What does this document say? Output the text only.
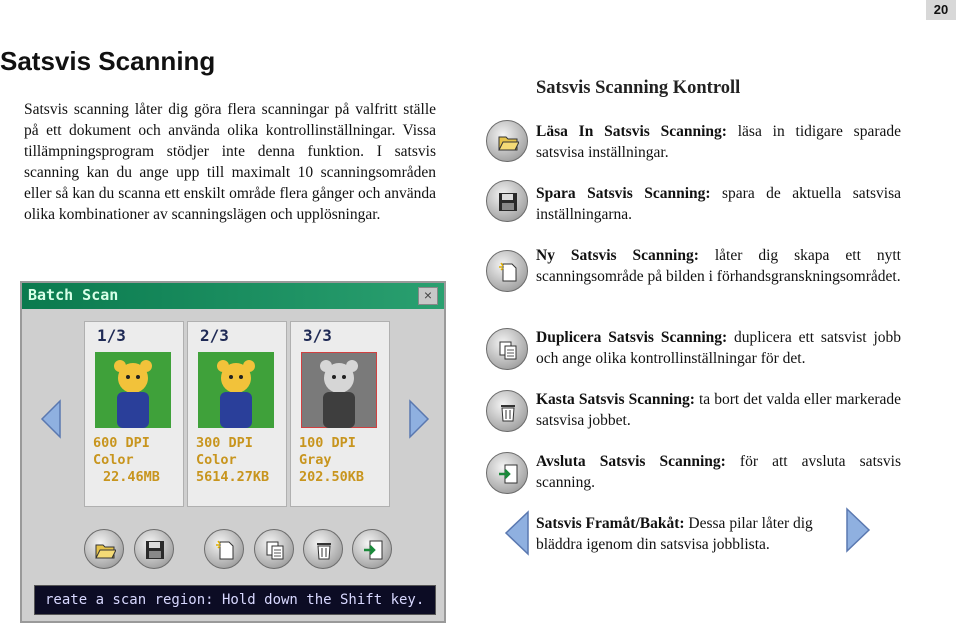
20
Satsvis Scanning
Satsvis scanning låter dig göra flera scanningar på valfritt ställe på ett dokument och använda olika kontrollinställningar. Vissa tillämpningsprogram stödjer inte denna funktion. I satsvis scanning kan du ange upp till maximalt 10 scanningsområden eller så kan du scanna ett enskilt område flera gånger och använda olika kombinationer av scanningslägen och upplösningar.
Batch Scan	×
1/3
600 DPI
Color
22.46MB
2/3
300 DPI
Color
5614.27KB
3/3
100 DPI
Gray
202.50KB
reate a scan region: Hold down the Shift key.
Satsvis Scanning Kontroll
Läsa In Satsvis Scanning: läsa in tidigare sparade satsvisa inställningar.
Spara Satsvis Scanning: spara de aktuella satsvisa inställningarna.
Ny Satsvis Scanning: låter dig skapa ett nytt scanningsområde på bilden i förhandsgranskningsområdet.
Duplicera Satsvis Scanning: duplicera ett satsvist jobb och ange olika kontrollinställningar för det.
Kasta Satsvis Scanning: ta bort det valda eller markerade satsvisa jobbet.
Avsluta Satsvis Scanning: för att avsluta satsvis scanning.
Satsvis Framåt/Bakåt: Dessa pilar låter dig bläddra igenom din satsvisa jobblista.
